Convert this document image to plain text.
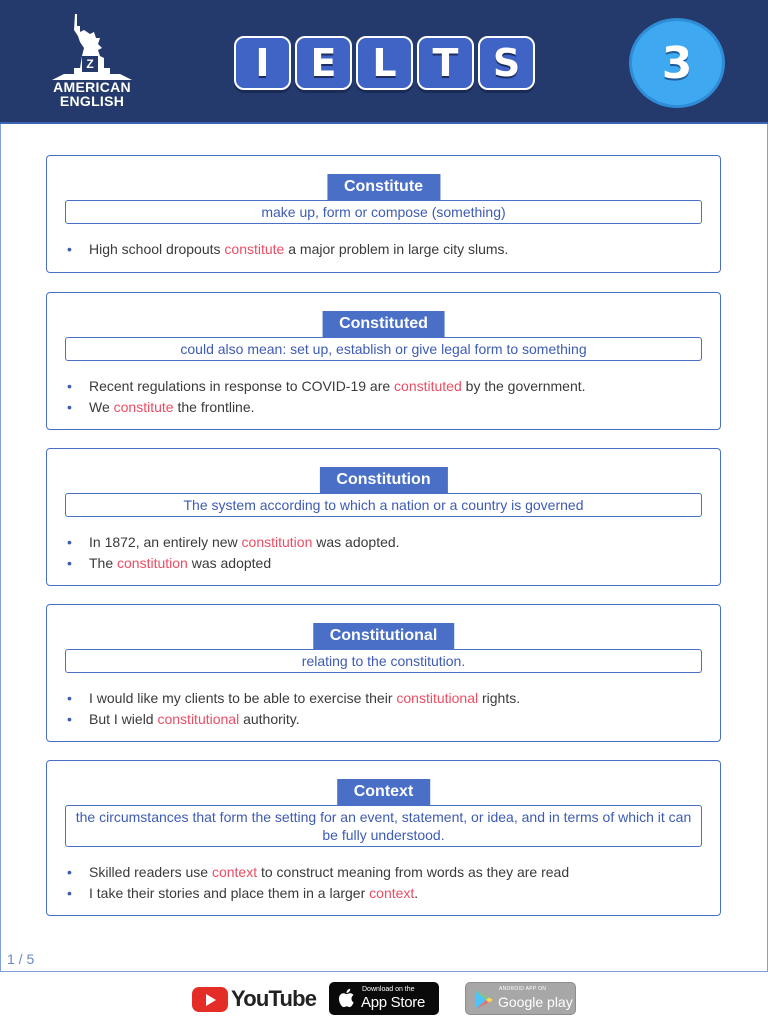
Z
AMERICAN
ENGLISH
I E L T S	3
Constitute
make up, form or compose (something)
• High school dropouts constitute a major problem in large city slums.
Constituted
could also mean: set up, establish or give legal form to something
• Recent regulations in response to COVID-19 are constituted by the government.
• We constitute the frontline.
Constitution
The system according to which a nation or a country is governed
• In 1872, an entirely new constitution was adopted.
• The constitution was adopted
Constitutional
relating to the constitution.
• I would like my clients to be able to exercise their constitutional rights.
• But I wield constitutional authority.
Context
the circumstances that form the setting for an event, statement, or idea, and in terms of which it can be fully understood.
• Skilled readers use context to construct meaning from words as they are read
• I take their stories and place them in a larger context.
1 / 5
YouTube	Download on the
App Store
ANDROID APP ON
Google play
